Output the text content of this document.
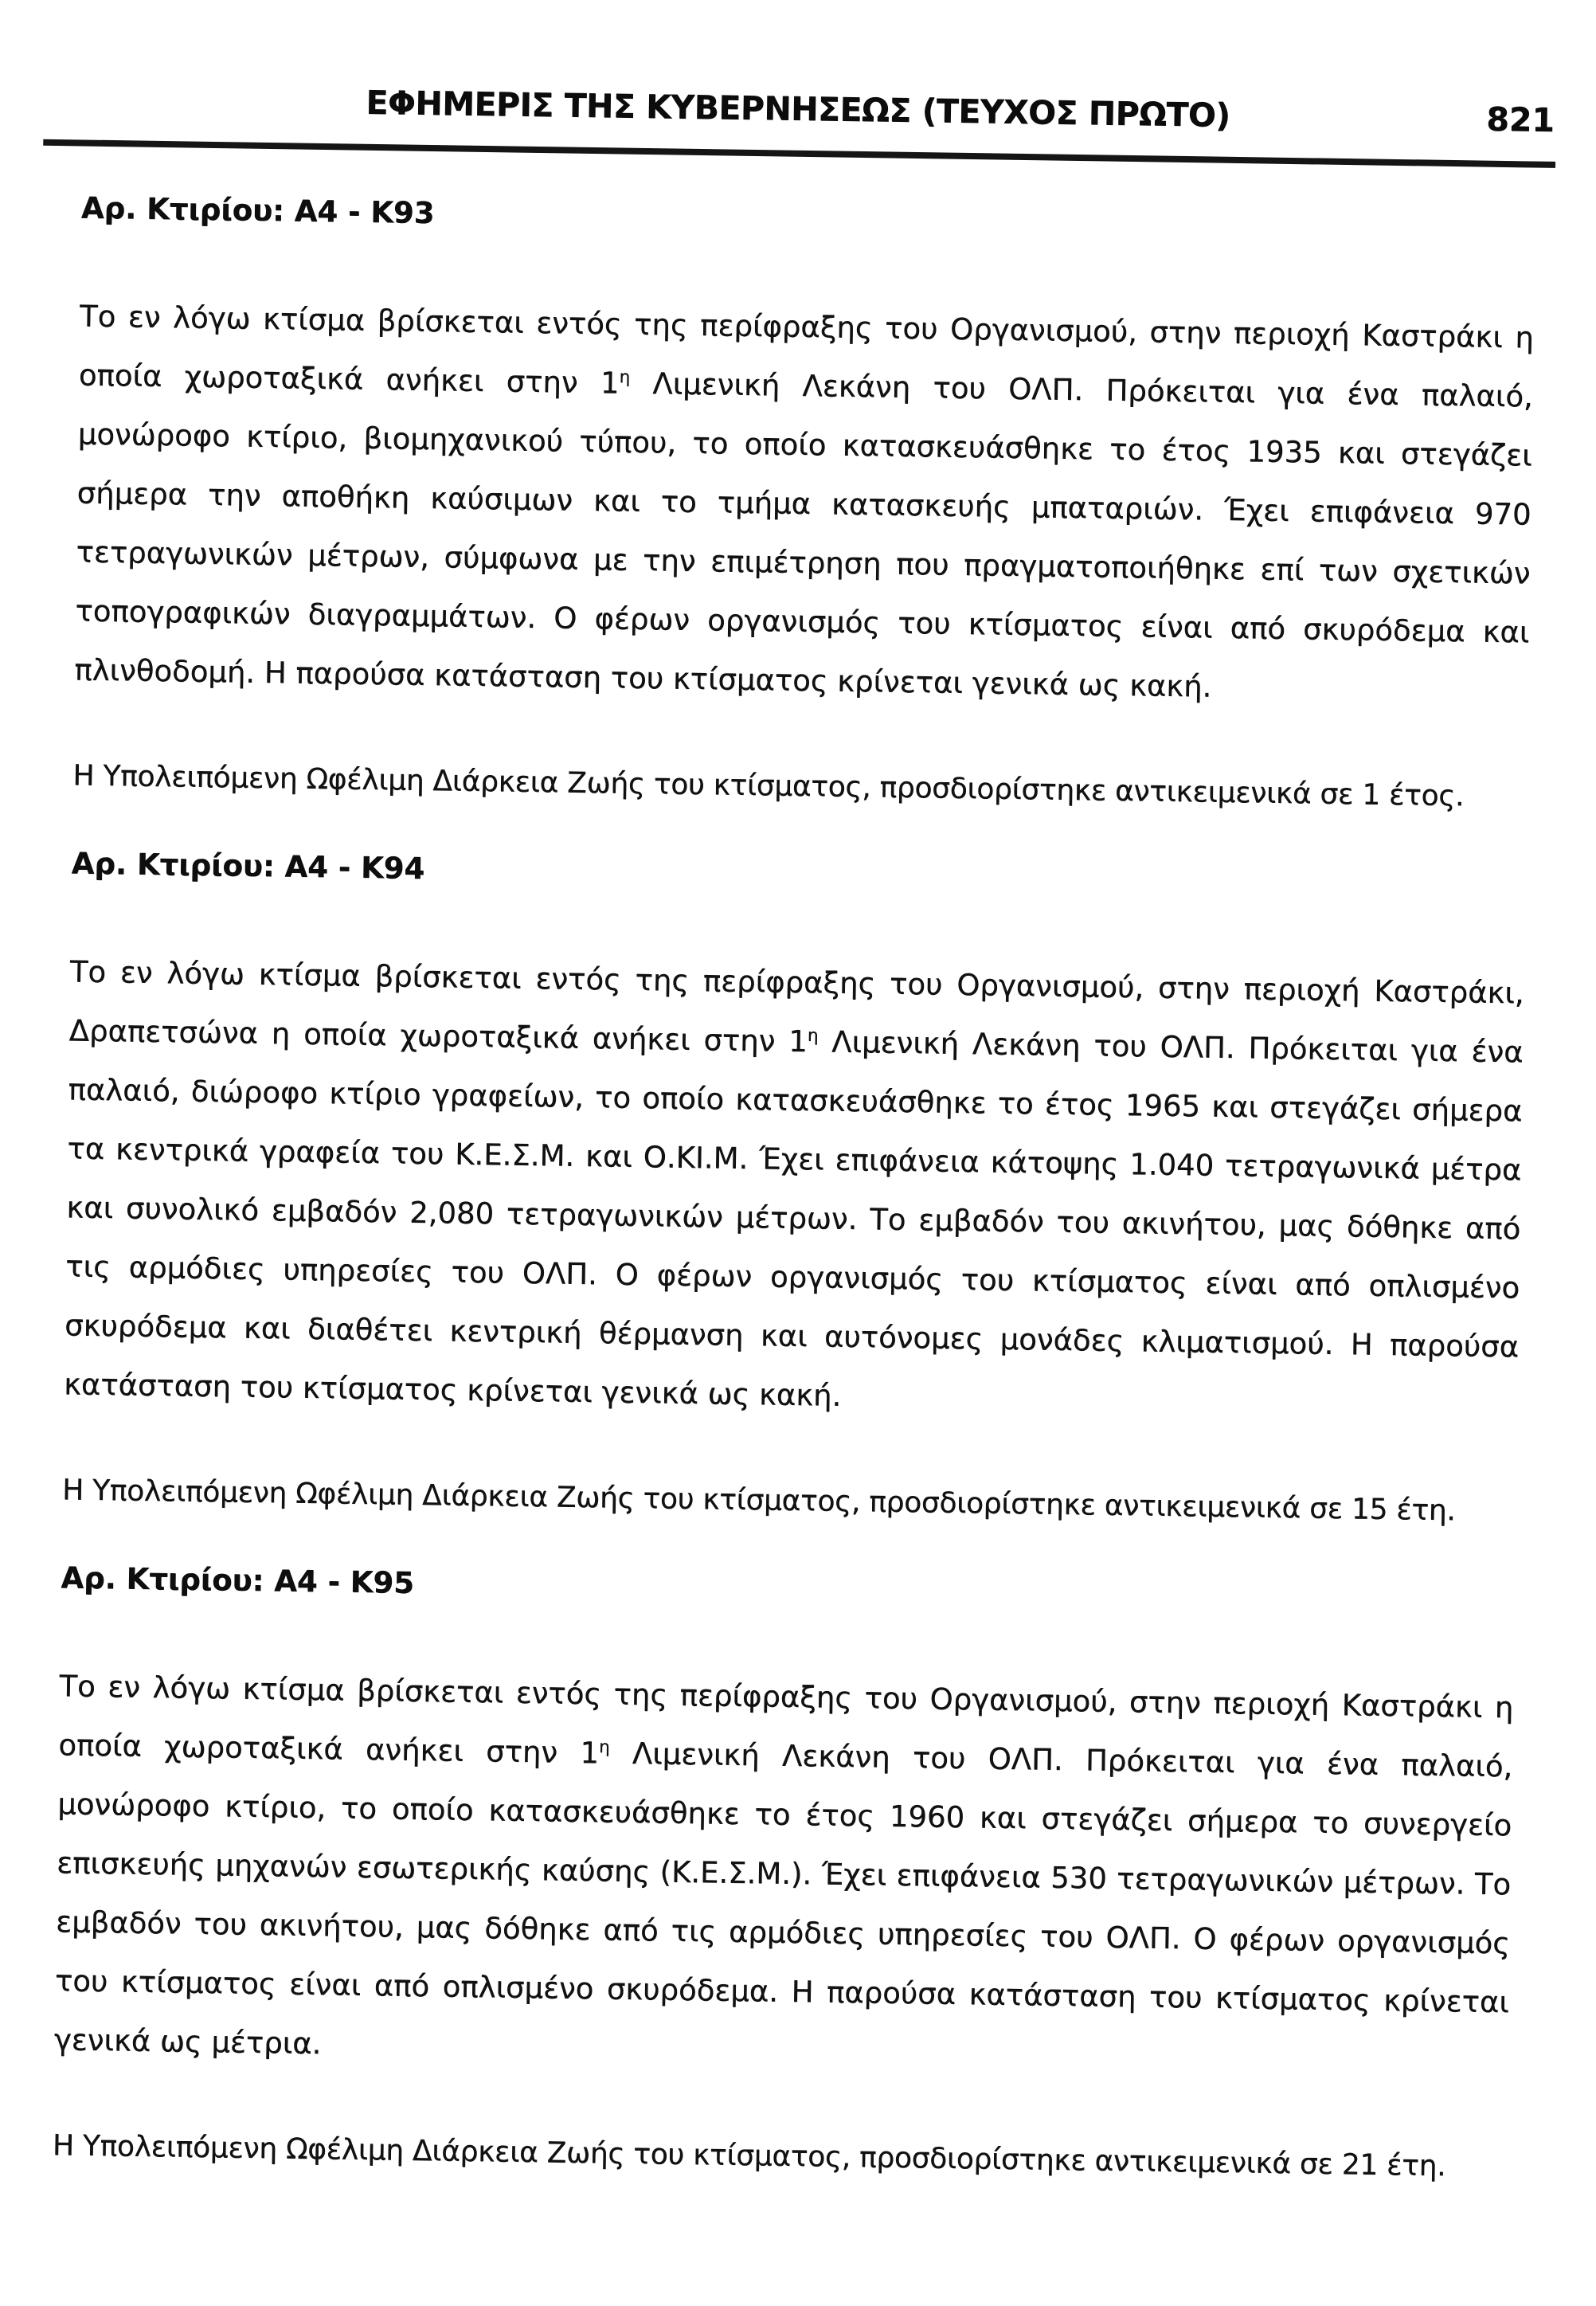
ΕΦΗΜΕΡΙΣ ΤΗΣ ΚΥΒΕΡΝΗΣΕΩΣ (ΤΕΥΧΟΣ ΠΡΩΤΟ)	821
Αρ. Κτιρίου: Α4 - Κ93

Το εν λόγω κτίσμα βρίσκεται εντός της περίφραξης του Οργανισμού, στην περιοχή Καστράκι η οποία χωροταξικά ανήκει στην $1^\eta$ Λιμενική Λεκάνη του ΟΛΠ. Πρόκειται για ένα παλαιό, μονώροφο κτίριο, βιομηχανικού τύπου, το οποίο κατασκευάσθηκε το έτος 1935 και στεγάζει σήμερα την αποθήκη καύσιμων και το τμήμα κατασκευής μπαταριών. Έχει επιφάνεια 970 τετραγωνικών μέτρων, σύμφωνα με την επιμέτρηση που πραγματοποιήθηκε επί των σχετικών τοπογραφικών διαγραμμάτων. Ο φέρων οργανισμός του κτίσματος είναι από σκυρόδεμα και πλινθοδομή. Η παρούσα κατάσταση του κτίσματος κρίνεται γενικά ως κακή.

Η Υπολειπόμενη Ωφέλιμη Διάρκεια Ζωής του κτίσματος, προσδιορίστηκε αντικειμενικά σε 1 έτος.

Αρ. Κτιρίου: Α4 - Κ94

Το εν λόγω κτίσμα βρίσκεται εντός της περίφραξης του Οργανισμού, στην περιοχή Καστράκι, Δραπετσώνα η οποία χωροταξικά ανήκει στην $1^\eta$ Λιμενική Λεκάνη του ΟΛΠ. Πρόκειται για ένα παλαιό, διώροφο κτίριο γραφείων, το οποίο κατασκευάσθηκε το έτος 1965 και στεγάζει σήμερα τα κεντρικά γραφεία του Κ.Ε.Σ.Μ. και Ο.ΚΙ.Μ. Έχει επιφάνεια κάτοψης 1.040 τετραγωνικά μέτρα και συνολικό εμβαδόν 2,080 τετραγωνικών μέτρων. Το εμβαδόν του ακινήτου, μας δόθηκε από τις αρμόδιες υπηρεσίες του ΟΛΠ. Ο φέρων οργανισμός του κτίσματος είναι από οπλισμένο σκυρόδεμα και διαθέτει κεντρική θέρμανση και αυτόνομες μονάδες κλιματισμού. Η παρούσα κατάσταση του κτίσματος κρίνεται γενικά ως κακή.

Η Υπολειπόμενη Ωφέλιμη Διάρκεια Ζωής του κτίσματος, προσδιορίστηκε αντικειμενικά σε 15 έτη.

Αρ. Κτιρίου: Α4 - Κ95

Το εν λόγω κτίσμα βρίσκεται εντός της περίφραξης του Οργανισμού, στην περιοχή Καστράκι η οποία χωροταξικά ανήκει στην $1^\eta$ Λιμενική Λεκάνη του ΟΛΠ. Πρόκειται για ένα παλαιό, μονώροφο κτίριο, το οποίο κατασκευάσθηκε το έτος 1960 και στεγάζει σήμερα το συνεργείο επισκευής μηχανών εσωτερικής καύσης (Κ.Ε.Σ.Μ.). Έχει επιφάνεια 530 τετραγωνικών μέτρων. Το εμβαδόν του ακινήτου, μας δόθηκε από τις αρμόδιες υπηρεσίες του ΟΛΠ. Ο φέρων οργανισμός του κτίσματος είναι από οπλισμένο σκυρόδεμα. Η παρούσα κατάσταση του κτίσματος κρίνεται γενικά ως μέτρια.

Η Υπολειπόμενη Ωφέλιμη Διάρκεια Ζωής του κτίσματος, προσδιορίστηκε αντικειμενικά σε 21 έτη.
